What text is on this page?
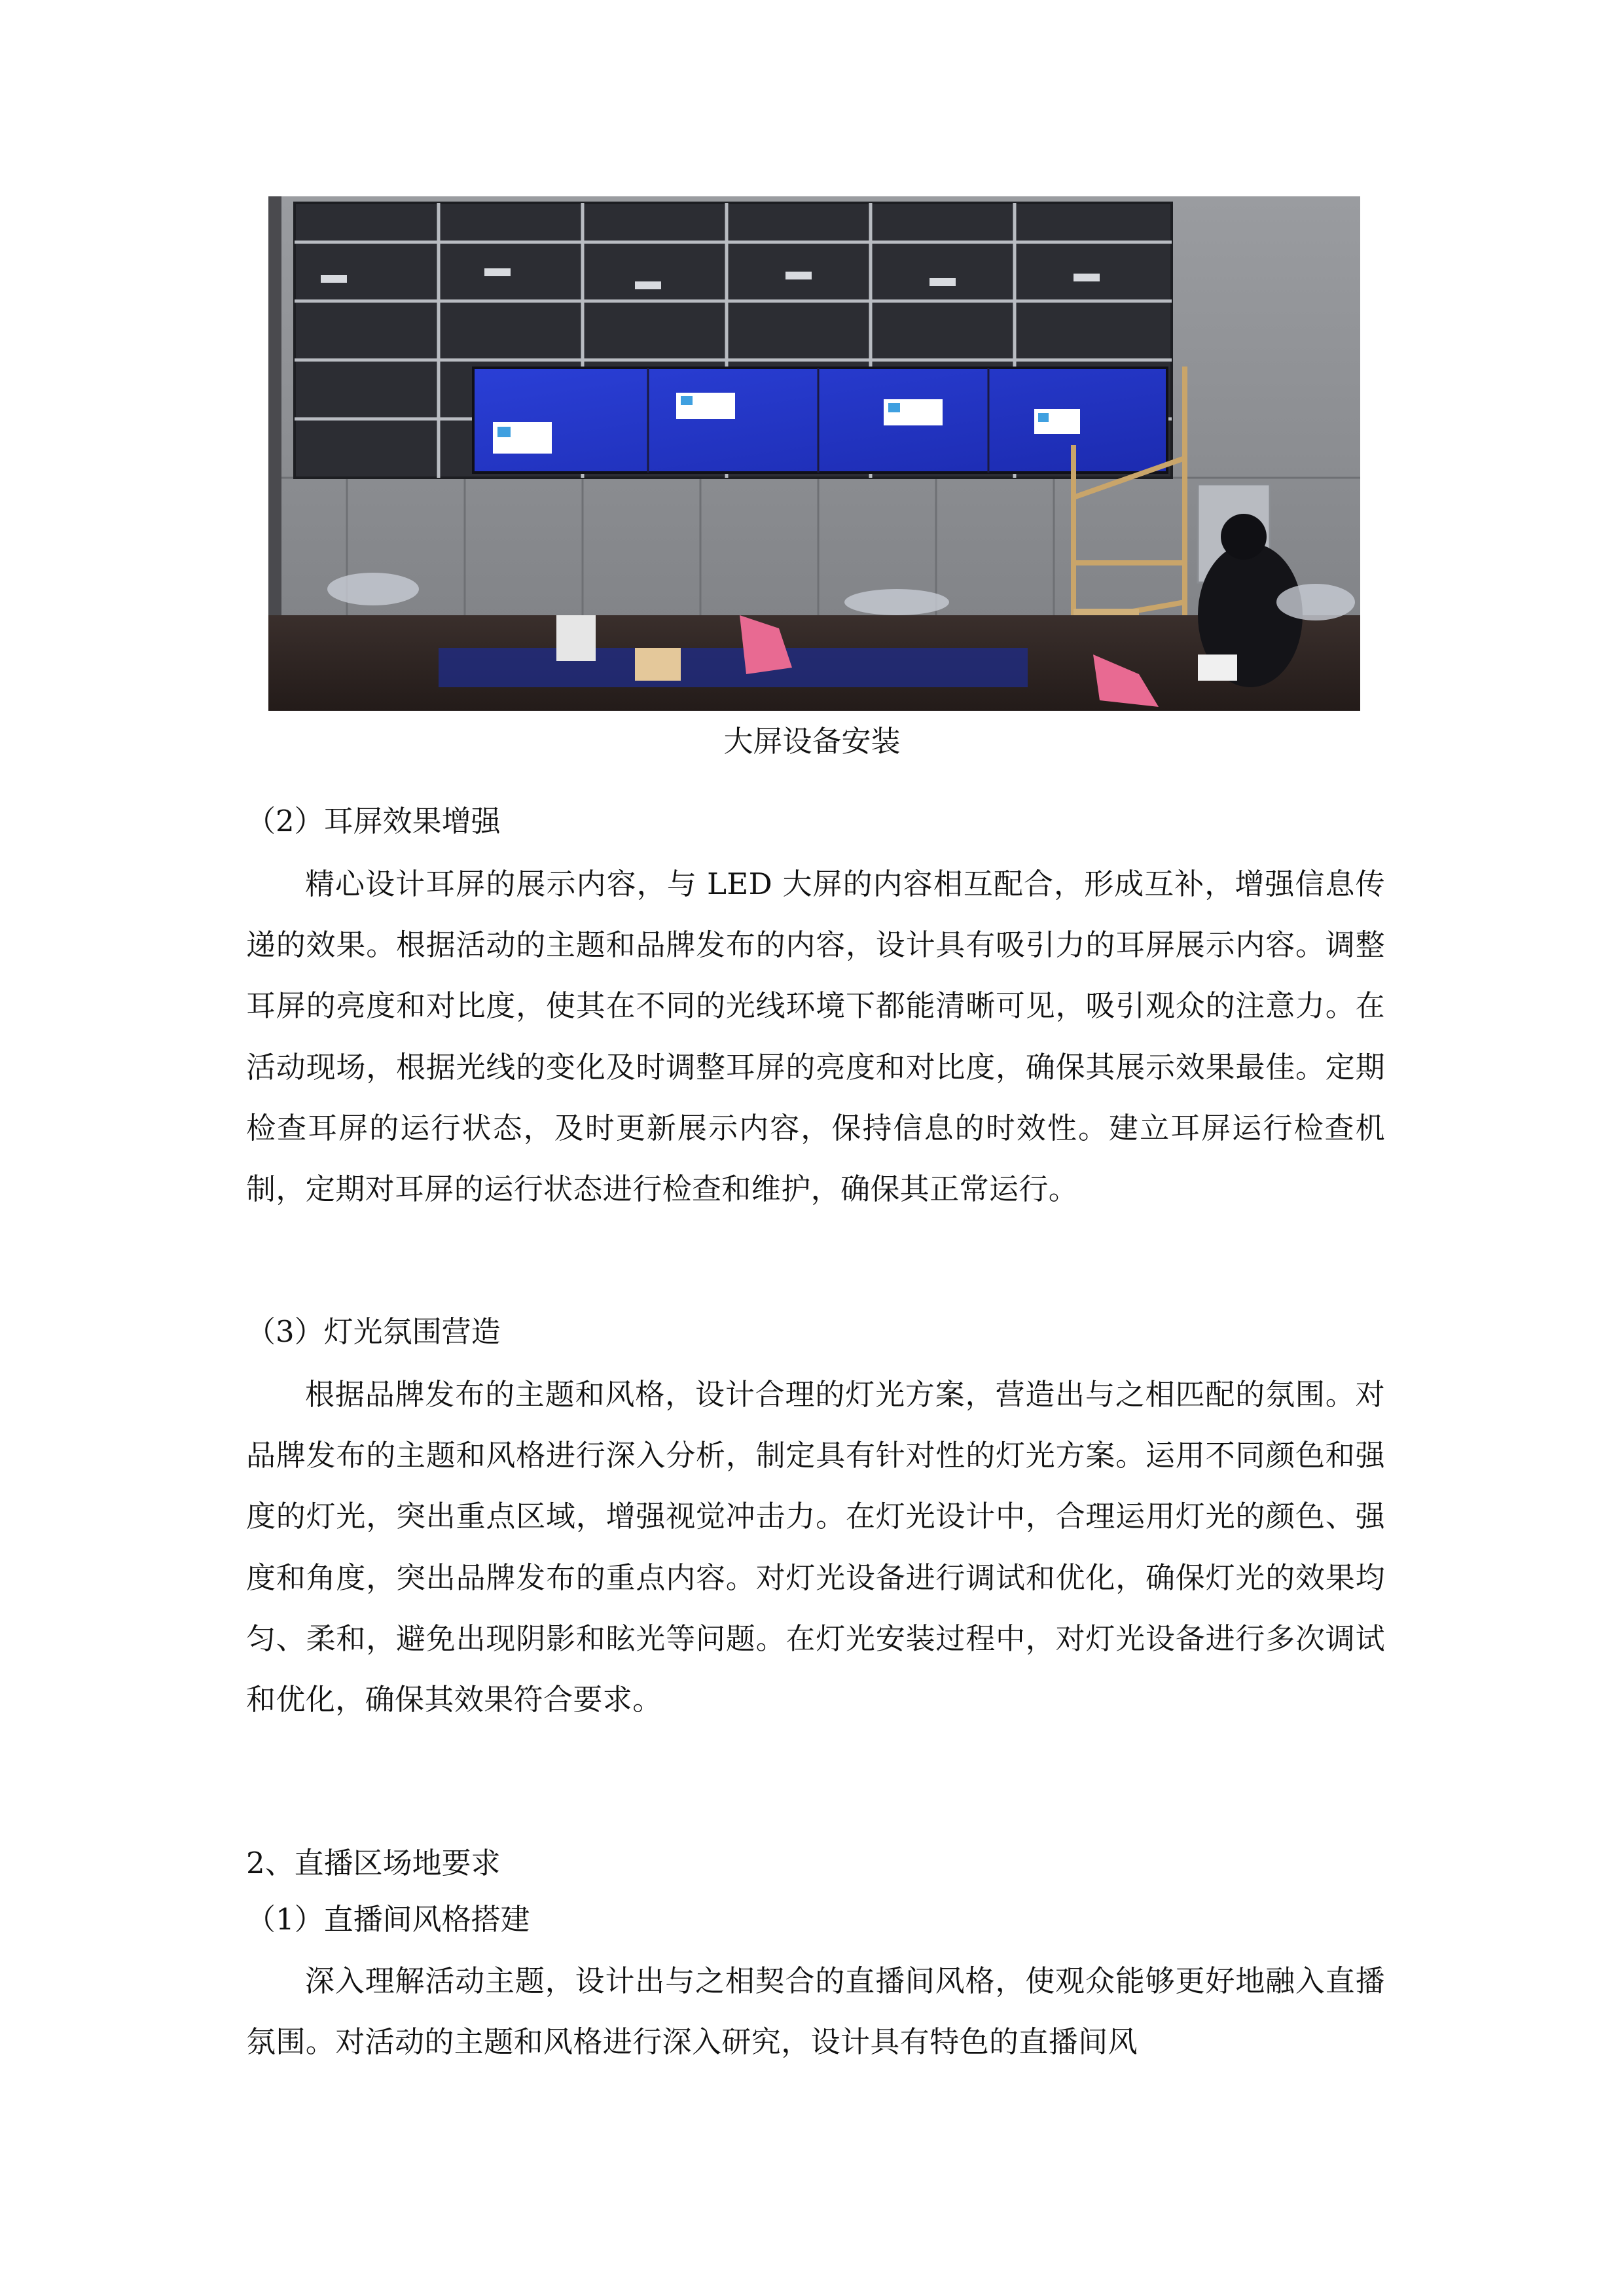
大屏设备安装
（2）耳屏效果增强
精心设计耳屏的展示内容，与 LED 大屏的内容相互配合，形成互补，增强信息传递的效果。根据活动的主题和品牌发布的内容，设计具有吸引力的耳屏展示内容。调整耳屏的亮度和对比度，使其在不同的光线环境下都能清晰可见，吸引观众的注意力。在活动现场，根据光线的变化及时调整耳屏的亮度和对比度，确保其展示效果最佳。定期检查耳屏的运行状态，及时更新展示内容，保持信息的时效性。建立耳屏运行检查机制，定期对耳屏的运行状态进行检查和维护，确保其正常运行。
（3）灯光氛围营造
根据品牌发布的主题和风格，设计合理的灯光方案，营造出与之相匹配的氛围。对品牌发布的主题和风格进行深入分析，制定具有针对性的灯光方案。运用不同颜色和强度的灯光，突出重点区域，增强视觉冲击力。在灯光设计中，合理运用灯光的颜色、强度和角度，突出品牌发布的重点内容。对灯光设备进行调试和优化，确保灯光的效果均匀、柔和，避免出现阴影和眩光等问题。在灯光安装过程中，对灯光设备进行多次调试和优化，确保其效果符合要求。
2、直播区场地要求
（1）直播间风格搭建
深入理解活动主题，设计出与之相契合的直播间风格，使观众能够更好地融入直播氛围。对活动的主题和风格进行深入研究，设计具有特色的直播间风
